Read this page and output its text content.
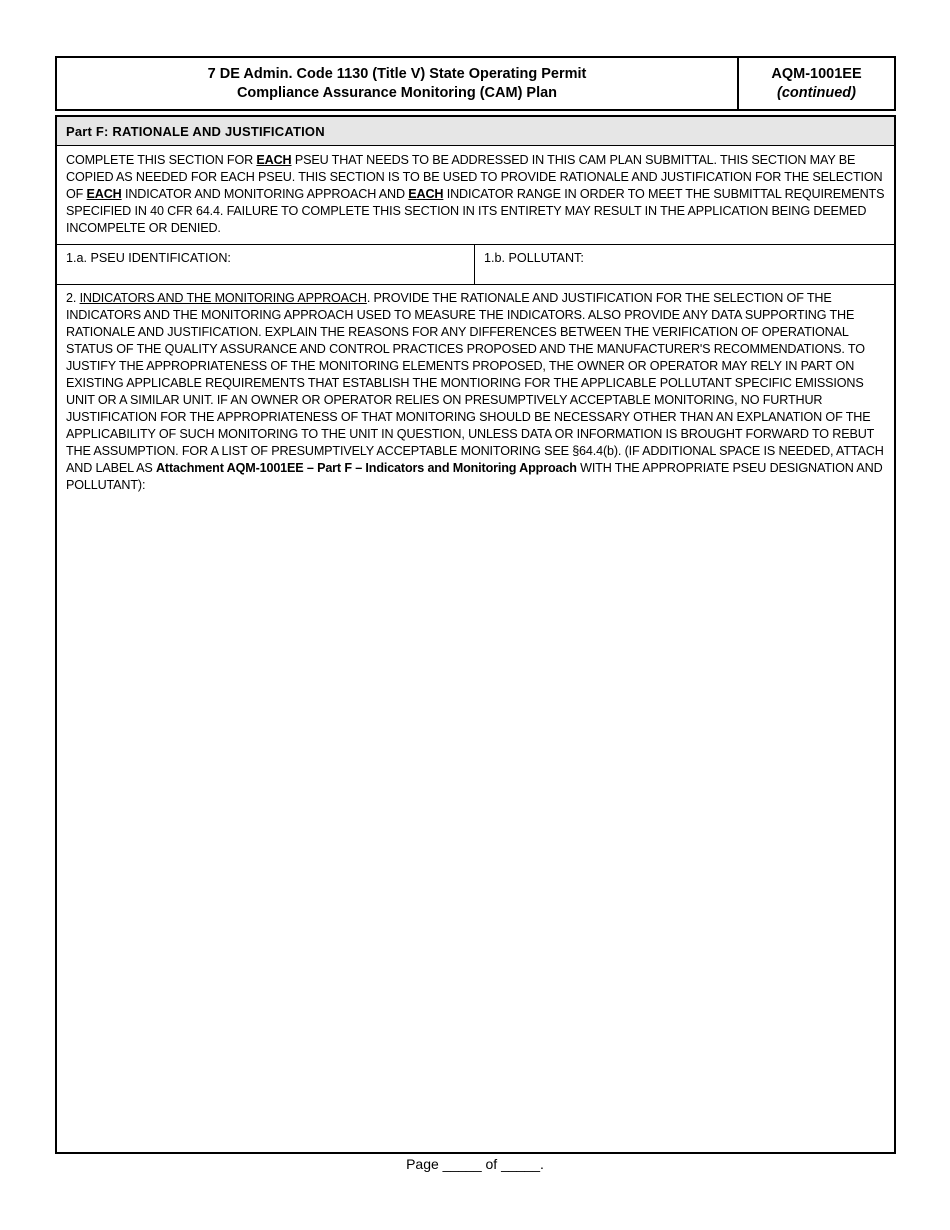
7 DE Admin. Code 1130 (Title V) State Operating Permit
Compliance Assurance Monitoring (CAM) Plan
AQM-1001EE
(continued)
Part F: RATIONALE AND JUSTIFICATION
COMPLETE THIS SECTION FOR EACH PSEU THAT NEEDS TO BE ADDRESSED IN THIS CAM PLAN SUBMITTAL. THIS SECTION MAY BE COPIED AS NEEDED FOR EACH PSEU. THIS SECTION IS TO BE USED TO PROVIDE RATIONALE AND JUSTIFICATION FOR THE SELECTION OF EACH INDICATOR AND MONITORING APPROACH AND EACH INDICATOR RANGE IN ORDER TO MEET THE SUBMITTAL REQUIREMENTS SPECIFIED IN 40 CFR 64.4. FAILURE TO COMPLETE THIS SECTION IN ITS ENTIRETY MAY RESULT IN THE APPLICATION BEING DEEMED INCOMPELTE OR DENIED.
1.a. PSEU IDENTIFICATION:	1.b. POLLUTANT:
2. INDICATORS AND THE MONITORING APPROACH. PROVIDE THE RATIONALE AND JUSTIFICATION FOR THE SELECTION OF THE INDICATORS AND THE MONITORING APPROACH USED TO MEASURE THE INDICATORS. ALSO PROVIDE ANY DATA SUPPORTING THE RATIONALE AND JUSTIFICATION. EXPLAIN THE REASONS FOR ANY DIFFERENCES BETWEEN THE VERIFICATION OF OPERATIONAL STATUS OF THE QUALITY ASSURANCE AND CONTROL PRACTICES PROPOSED AND THE MANUFACTURER'S RECOMMENDATIONS. TO JUSTIFY THE APPROPRIATENESS OF THE MONITORING ELEMENTS PROPOSED, THE OWNER OR OPERATOR MAY RELY IN PART ON EXISTING APPLICABLE REQUIREMENTS THAT ESTABLISH THE MONTIORING FOR THE APPLICABLE POLLUTANT SPECIFIC EMISSIONS UNIT OR A SIMILAR UNIT. IF AN OWNER OR OPERATOR RELIES ON PRESUMPTIVELY ACCEPTABLE MONITORING, NO FURTHUR JUSTIFICATION FOR THE APPROPRIATENESS OF THAT MONITORING SHOULD BE NECESSARY OTHER THAN AN EXPLANATION OF THE APPLICABILITY OF SUCH MONITORING TO THE UNIT IN QUESTION, UNLESS DATA OR INFORMATION IS BROUGHT FORWARD TO REBUT THE ASSUMPTION. FOR A LIST OF PRESUMPTIVELY ACCEPTABLE MONITORING SEE §64.4(b). (IF ADDITIONAL SPACE IS NEEDED, ATTACH AND LABEL AS Attachment AQM-1001EE – Part F – Indicators and Monitoring Approach WITH THE APPROPRIATE PSEU DESIGNATION AND POLLUTANT):
Page _____ of _____.
